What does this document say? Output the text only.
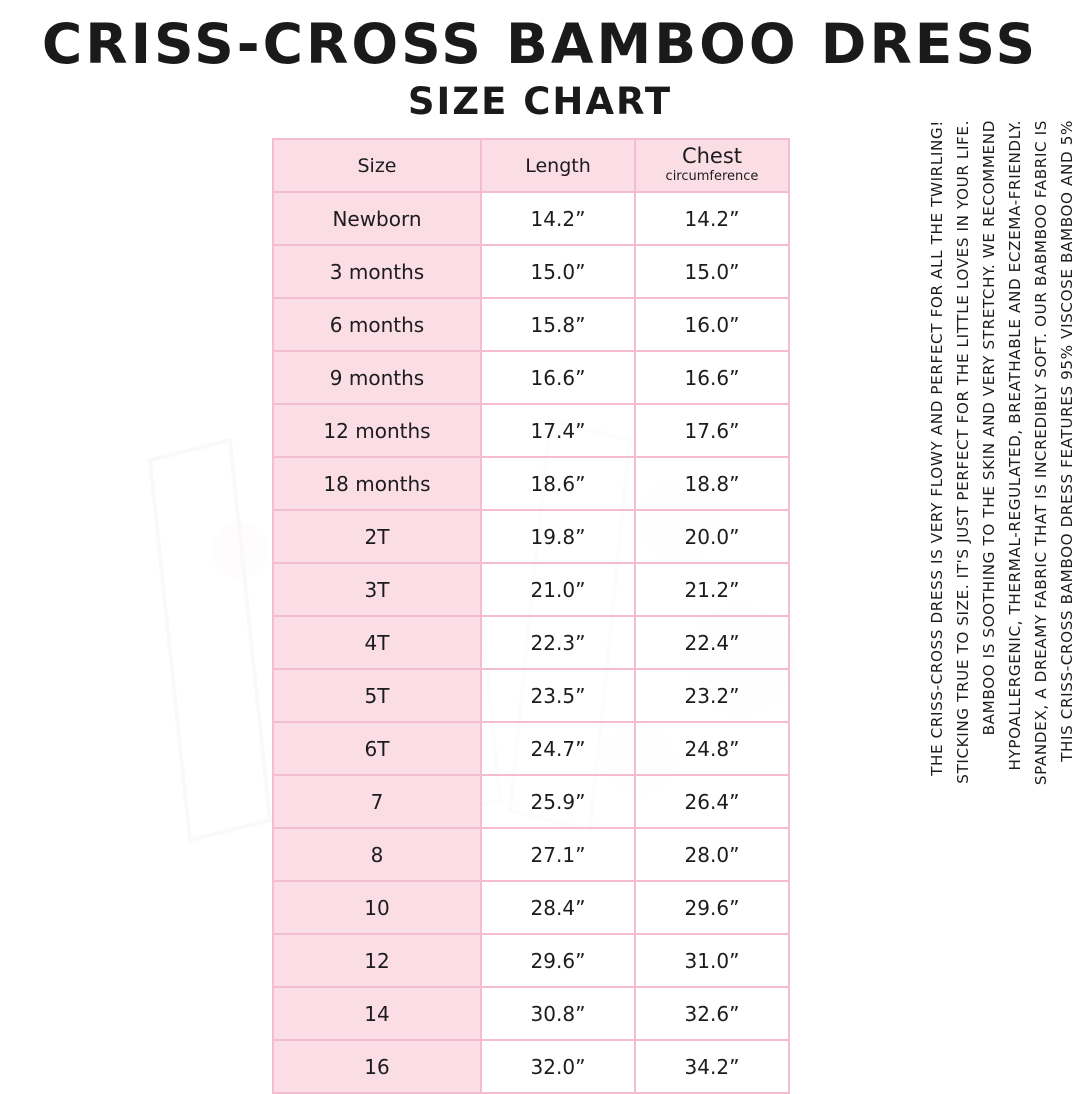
CRISS-CROSS BAMBOO DRESS
SIZE CHART
Size	Length	Chest
circumference

Newborn	14.2”	14.2”
3 months	15.0”	15.0”
6 months	15.8”	16.0”
9 months	16.6”	16.6”
12 months	17.4”	17.6”
18 months	18.6”	18.8”
2T	19.8”	20.0”
3T	21.0”	21.2”
4T	22.3”	22.4”
5T	23.5”	23.2”
6T	24.7”	24.8”
7	25.9”	26.4”
8	27.1”	28.0”
10	28.4”	29.6”
12	29.6”	31.0”
14	30.8”	32.6”
16	32.0”	34.2”
THIS CRISS-CROSS BAMBOO DRESS FEATURES 95% VISCOSE BAMBOO AND 5%
SPANDEX, A DREAMY FABRIC THAT IS INCREDIBLY SOFT. OUR BABMBOO FABRIC IS
HYPOALLERGENIC, THERMAL-REGULATED, BREATHABLE AND ECZEMA-FRIENDLY.
BAMBOO IS SOOTHING TO THE SKIN AND VERY STRETCHY. WE RECOMMEND
STICKING TRUE TO SIZE. IT'S JUST PERFECT FOR THE LITTLE LOVES IN YOUR LIFE.
THE CRISS-CROSS DRESS IS VERY FLOWY AND PERFECT FOR ALL THE TWIRLING!
